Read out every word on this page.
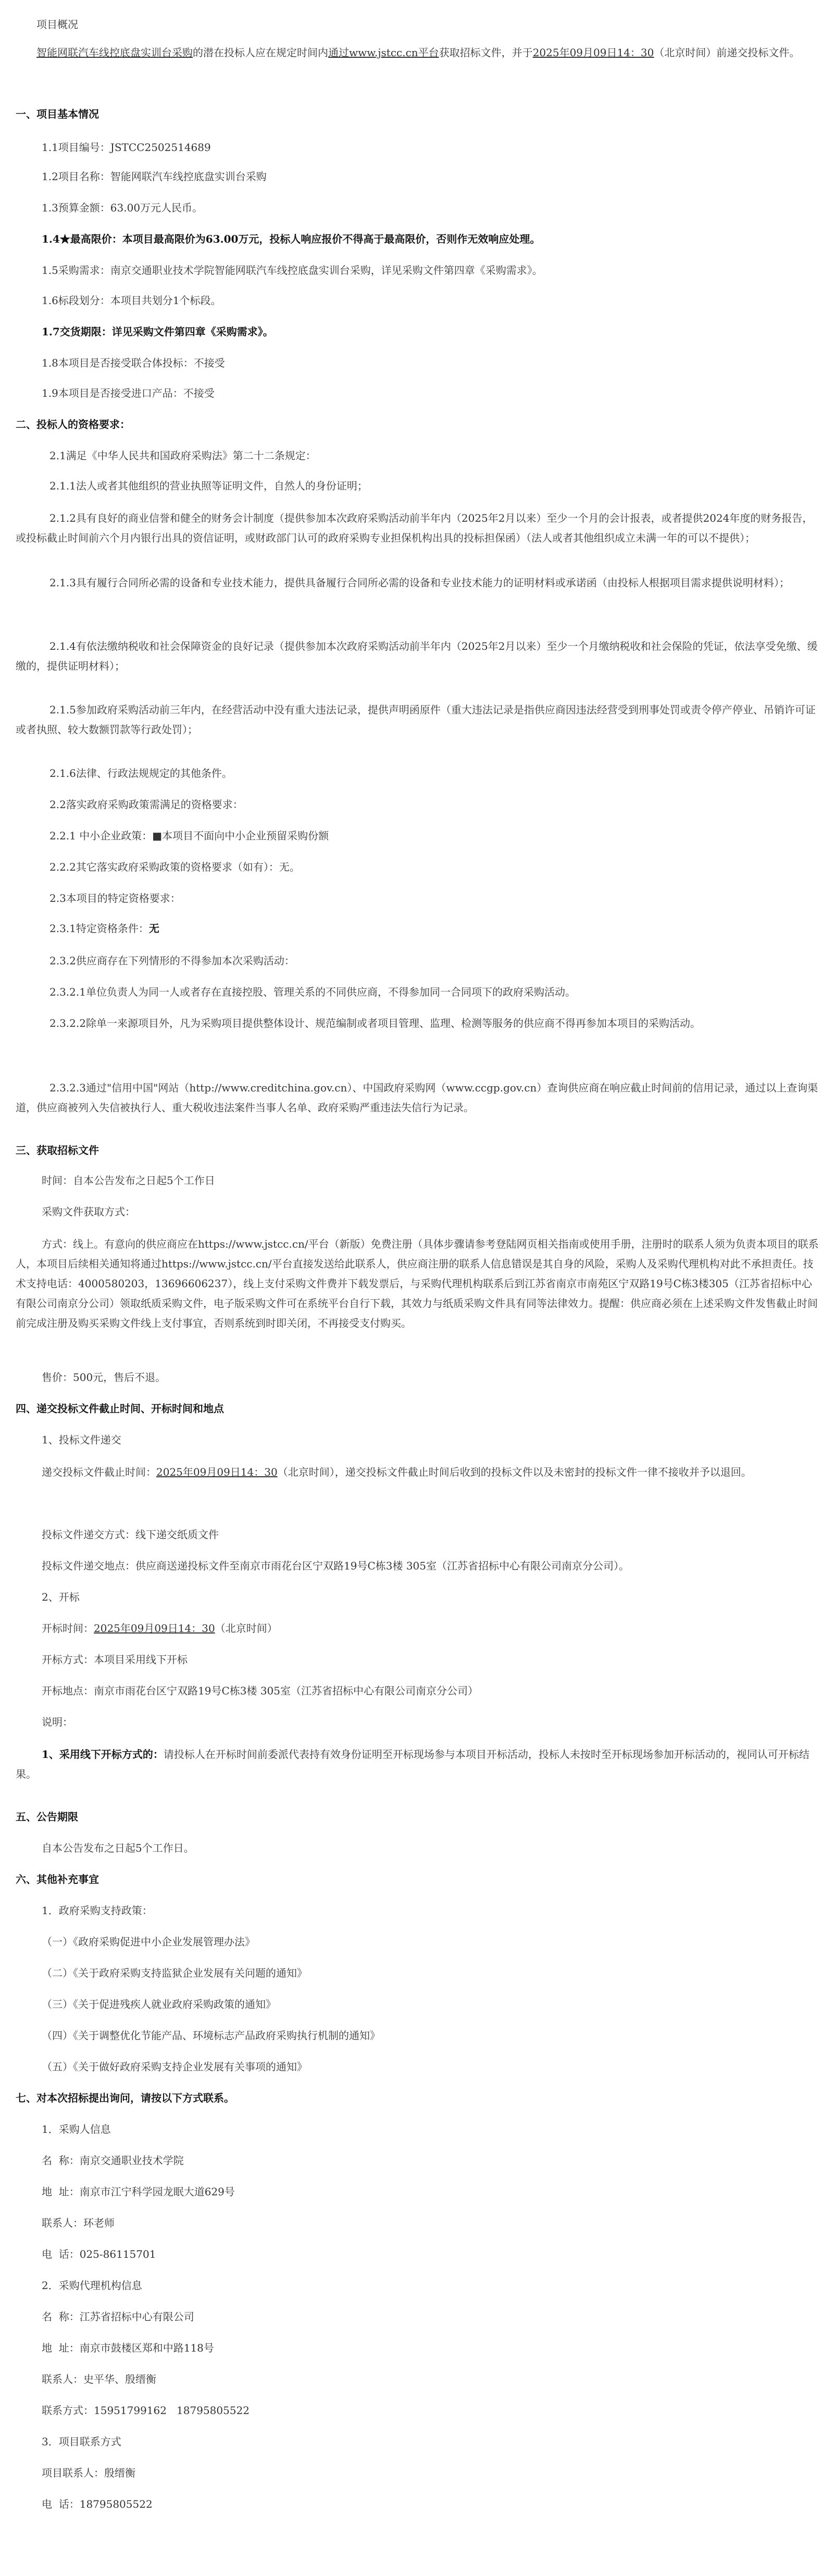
项目概况
智能网联汽车线控底盘实训台采购的潜在投标人应在规定时间内通过www.jstcc.cn平台获取招标文件，并于2025年09月09日14：30（北京时间）前递交投标文件。
一、项目基本情况
1.1项目编号：JSTCC2502514689
1.2项目名称：智能网联汽车线控底盘实训台采购
1.3预算金额：63.00万元人民币。
1.4★最高限价：本项目最高限价为63.00万元，投标人响应报价不得高于最高限价，否则作无效响应处理。
1.5采购需求：南京交通职业技术学院智能网联汽车线控底盘实训台采购，详见采购文件第四章《采购需求》。
1.6标段划分：本项目共划分1个标段。
1.7交货期限：详见采购文件第四章《采购需求》。
1.8本项目是否接受联合体投标：不接受
1.9本项目是否接受进口产品：不接受
二、投标人的资格要求：
2.1满足《中华人民共和国政府采购法》第二十二条规定：
2.1.1法人或者其他组织的营业执照等证明文件，自然人的身份证明；
2.1.2具有良好的商业信誉和健全的财务会计制度（提供参加本次政府采购活动前半年内（2025年2月以来）至少一个月的会计报表，或者提供2024年度的财务报告，或投标截止时间前六个月内银行出具的资信证明，或财政部门认可的政府采购专业担保机构出具的投标担保函）（法人或者其他组织成立未满一年的可以不提供）；
2.1.3具有履行合同所必需的设备和专业技术能力，提供具备履行合同所必需的设备和专业技术能力的证明材料或承诺函（由投标人根据项目需求提供说明材料）；
2.1.4有依法缴纳税收和社会保障资金的良好记录（提供参加本次政府采购活动前半年内（2025年2月以来）至少一个月缴纳税收和社会保险的凭证，依法享受免缴、缓缴的，提供证明材料）；
2.1.5参加政府采购活动前三年内，在经营活动中没有重大违法记录，提供声明函原件（重大违法记录是指供应商因违法经营受到刑事处罚或责令停产停业、吊销许可证或者执照、较大数额罚款等行政处罚）；
2.1.6法律、行政法规规定的其他条件。
2.2落实政府采购政策需满足的资格要求：
2.2.1 中小企业政策：■本项目不面向中小企业预留采购份额
2.2.2其它落实政府采购政策的资格要求（如有）：无。
2.3本项目的特定资格要求：
2.3.1特定资格条件：无
2.3.2供应商存在下列情形的不得参加本次采购活动：
2.3.2.1单位负责人为同一人或者存在直接控股、管理关系的不同供应商，不得参加同一合同项下的政府采购活动。
2.3.2.2除单一来源项目外，凡为采购项目提供整体设计、规范编制或者项目管理、监理、检测等服务的供应商不得再参加本项目的采购活动。
2.3.2.3通过"信用中国"网站（http://www.creditchina.gov.cn）、中国政府采购网（www.ccgp.gov.cn）查询供应商在响应截止时间前的信用记录，通过以上查询渠道，供应商被列入失信被执行人、重大税收违法案件当事人名单、政府采购严重违法失信行为记录。
三、获取招标文件
时间：自本公告发布之日起5个工作日
采购文件获取方式：
方式：线上。有意向的供应商应在https://www.jstcc.cn/平台（新版）免费注册（具体步骤请参考登陆网页相关指南或使用手册，注册时的联系人须为负责本项目的联系人，本项目后续相关通知将通过https://www.jstcc.cn/平台直接发送给此联系人，供应商注册的联系人信息错误是其自身的风险，采购人及采购代理机构对此不承担责任。技术支持电话：4000580203，13696606237），线上支付采购文件费并下载发票后，与采购代理机构联系后到江苏省南京市南苑区宁双路19号C栋3楼305（江苏省招标中心有限公司南京分公司）领取纸质采购文件，电子版采购文件可在系统平台自行下载，其效力与纸质采购文件具有同等法律效力。提醒：供应商必须在上述采购文件发售截止时间前完成注册及购买采购文件线上支付事宜，否则系统到时即关闭，不再接受支付购买。
售价：500元，售后不退。
四、递交投标文件截止时间、开标时间和地点
1、投标文件递交
递交投标文件截止时间：2025年09月09日14：30（北京时间），递交投标文件截止时间后收到的投标文件以及未密封的投标文件一律不接收并予以退回。
投标文件递交方式：线下递交纸质文件
投标文件递交地点：供应商送递投标文件至南京市雨花台区宁双路19号C栋3楼 305室（江苏省招标中心有限公司南京分公司）。
2、开标
开标时间：2025年09月09日14：30（北京时间）
开标方式：本项目采用线下开标
开标地点：南京市雨花台区宁双路19号C栋3楼 305室（江苏省招标中心有限公司南京分公司）
说明：
1、采用线下开标方式的：请投标人在开标时间前委派代表持有效身份证明至开标现场参与本项目开标活动，投标人未按时至开标现场参加开标活动的，视同认可开标结果。
五、公告期限
自本公告发布之日起5个工作日。
六、其他补充事宜
1．政府采购支持政策：
（一）《政府采购促进中小企业发展管理办法》
（二）《关于政府采购支持监狱企业发展有关问题的通知》
（三）《关于促进残疾人就业政府采购政策的通知》
（四）《关于调整优化节能产品、环境标志产品政府采购执行机制的通知》
（五）《关于做好政府采购支持企业发展有关事项的通知》
七、对本次招标提出询问，请按以下方式联系。
1．采购人信息
名  称：南京交通职业技术学院
地  址：南京市江宁科学园龙眠大道629号
联系人：环老师
电  话：025-86115701
2．采购代理机构信息
名  称：江苏省招标中心有限公司
地  址：南京市鼓楼区郑和中路118号
联系人：史平华、殷缙衡
联系方式：15951799162   18795805522
3．项目联系方式
项目联系人：殷缙衡
电  话：18795805522
